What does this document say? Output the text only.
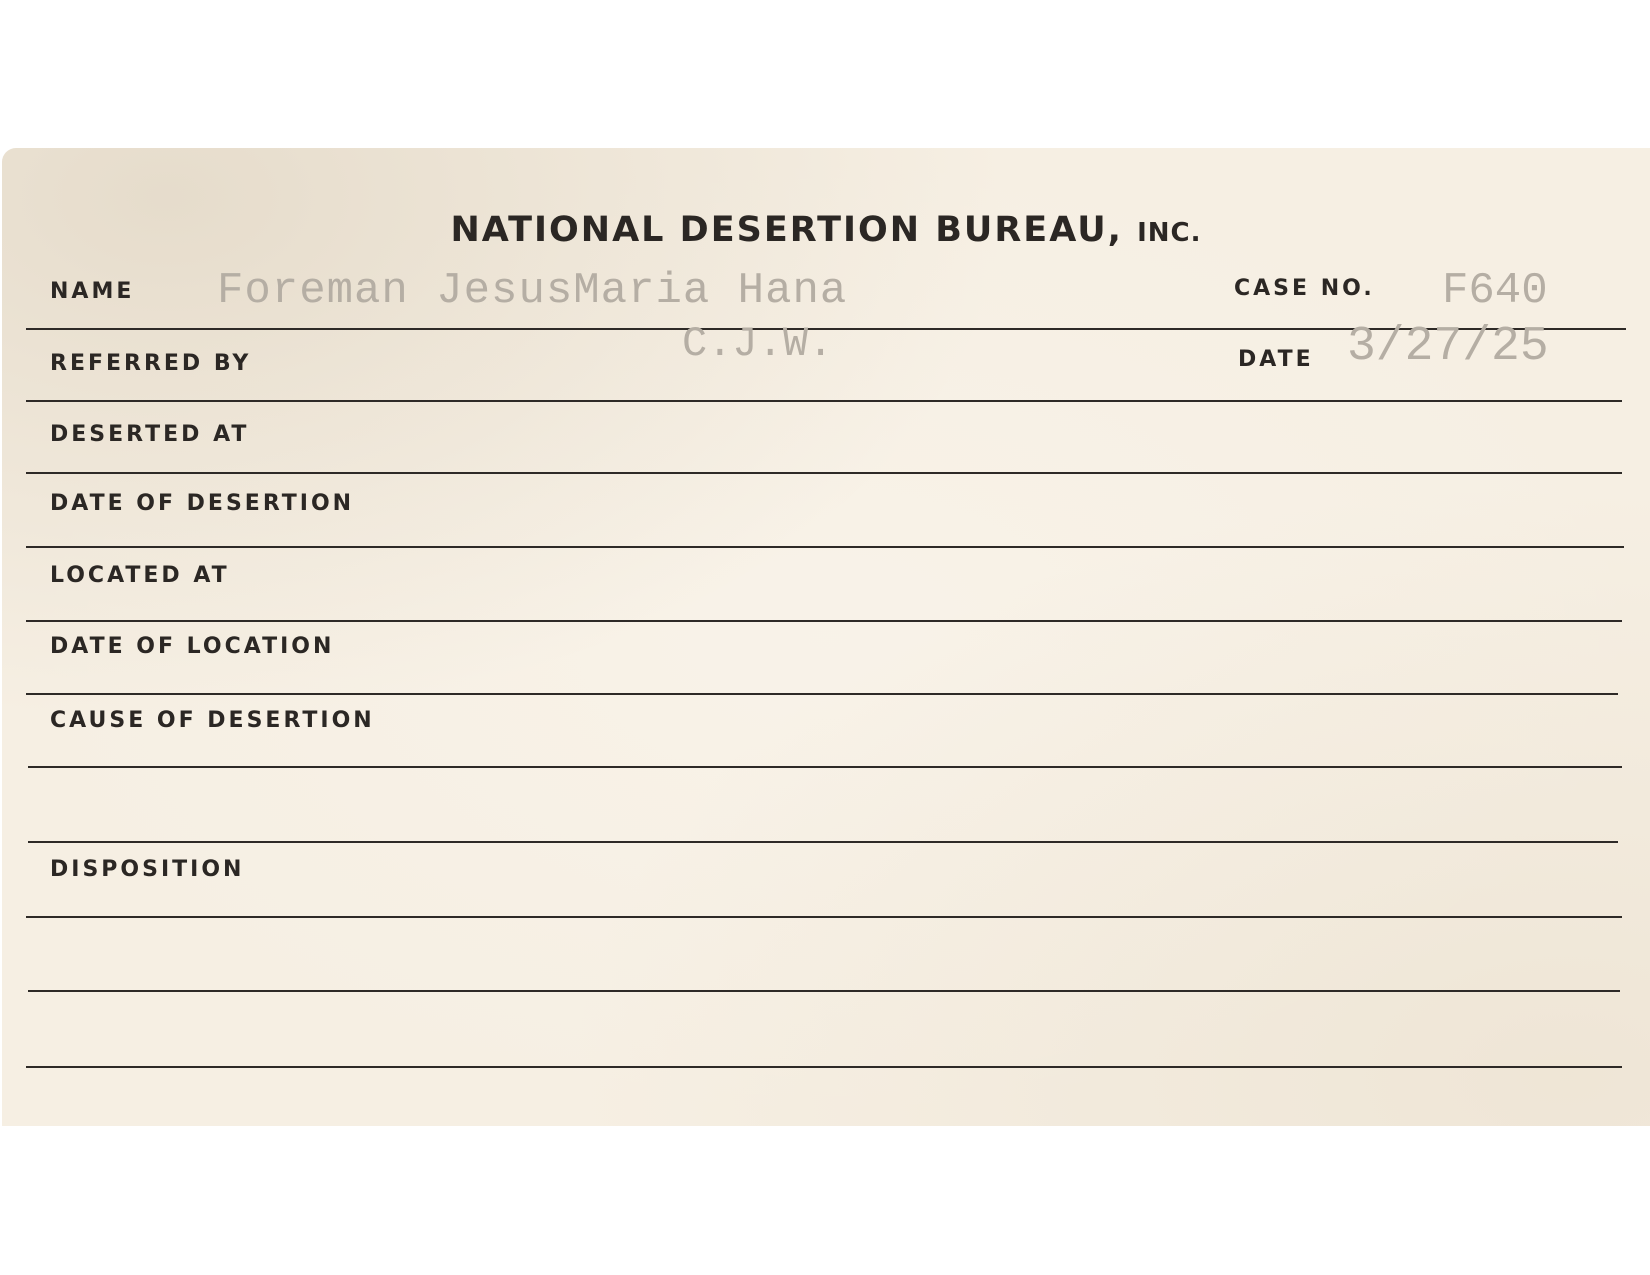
NATIONAL DESERTION BUREAU, INC.
NAME Foreman JesusMaria Hana	CASE NO. F640
REFERRED BY	C.J.W.	DATE 3/27/25
DESERTED AT
DATE OF DESERTION
LOCATED AT
DATE OF LOCATION
CAUSE OF DESERTION
DISPOSITION
